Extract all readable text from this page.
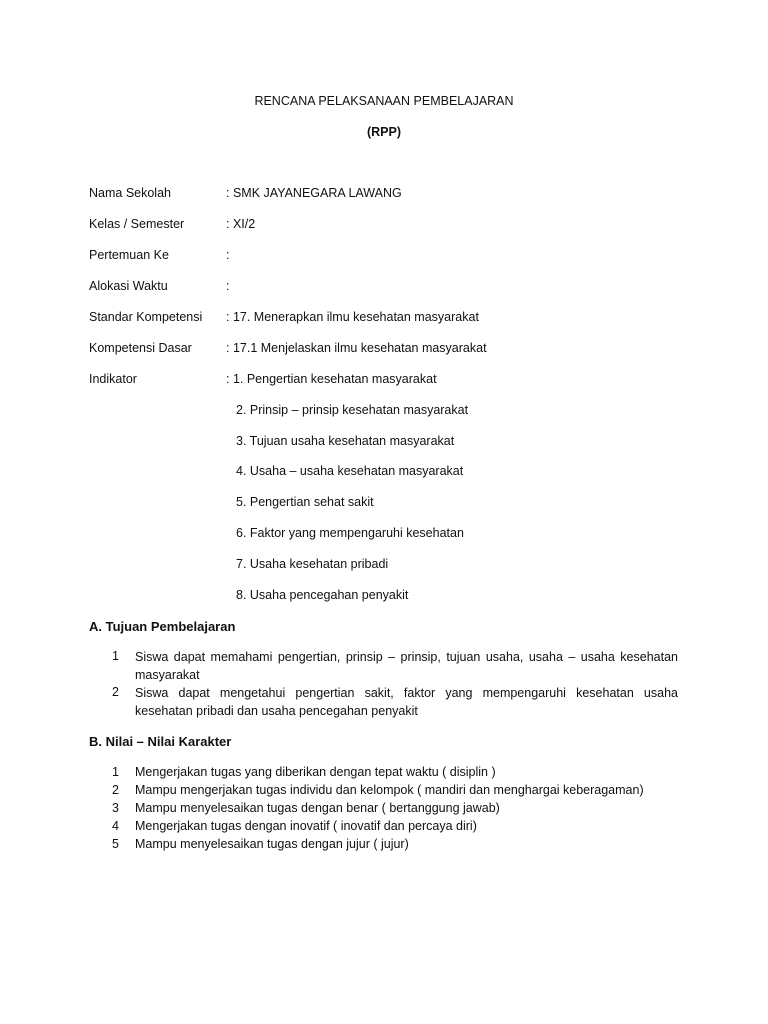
RENCANA PELAKSANAAN PEMBELAJARAN
(RPP)
Nama Sekolah	: SMK JAYANEGARA LAWANG
Kelas / Semester	: XI/2
Pertemuan Ke	:
Alokasi Waktu	:
Standar Kompetensi : 17. Menerapkan ilmu kesehatan masyarakat
Kompetensi Dasar	: 17.1 Menjelaskan ilmu kesehatan masyarakat
Indikator	: 1. Pengertian kesehatan masyarakat
2. Prinsip – prinsip kesehatan masyarakat
3. Tujuan usaha kesehatan masyarakat
4. Usaha – usaha kesehatan masyarakat
5. Pengertian sehat sakit
6. Faktor yang mempengaruhi kesehatan
7. Usaha kesehatan pribadi
8. Usaha pencegahan penyakit
A. Tujuan Pembelajaran
1 Siswa dapat memahami pengertian, prinsip – prinsip, tujuan usaha, usaha – usaha kesehatan masyarakat
2 Siswa dapat mengetahui pengertian sakit, faktor yang mempengaruhi kesehatan usaha kesehatan pribadi dan usaha pencegahan penyakit
B. Nilai – Nilai Karakter
1 Mengerjakan tugas yang diberikan dengan tepat waktu ( disiplin )
2 Mampu mengerjakan tugas individu dan kelompok ( mandiri dan menghargai keberagaman)
3 Mampu menyelesaikan tugas dengan benar ( bertanggung jawab)
4 Mengerjakan tugas dengan inovatif ( inovatif dan percaya diri)
5 Mampu menyelesaikan tugas dengan jujur ( jujur)
